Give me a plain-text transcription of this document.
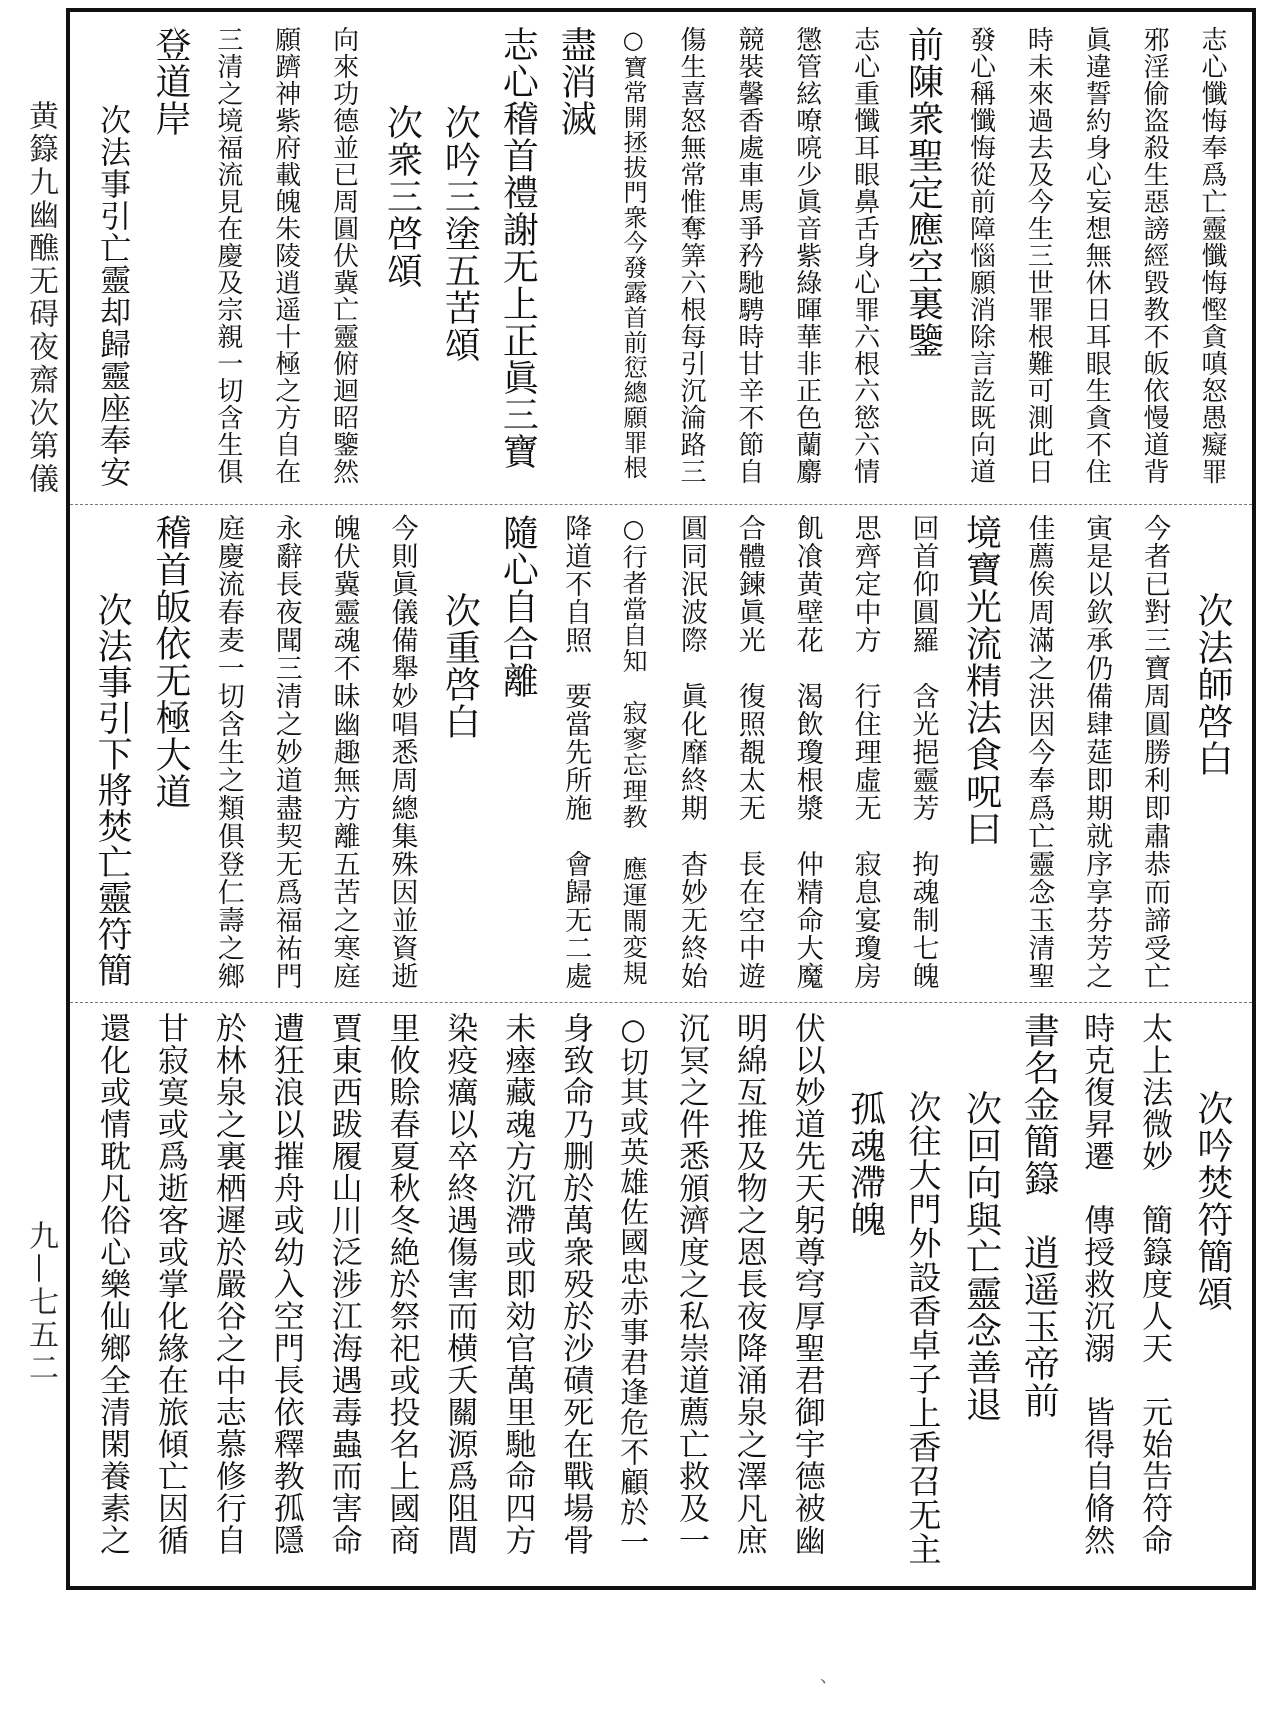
黄籙九幽醮无碍夜齋次第儀
九—七五二
志心懺悔奉爲亡靈懺悔慳貪嗔怒愚癡罪
邪淫偷盗殺生惡謗經毀教不皈依慢道背
眞違誓約身心妄想無休日耳眼生貪不住
時未來過去及今生三世罪根難可測此日
發心稱懺悔從前障惱願消除言訖既向道
前陳衆聖定應空裏鑒
志心重懺耳眼鼻舌身心罪六根六慾六情
懲管絃嘹喨少眞音紫綠暉華非正色蘭麝
競裝馨香處車馬爭矜馳騁時甘辛不節自
傷生喜怒無常惟奪筭六根每引沉淪路三
○寶常開拯拔門衆今發露首前愆總願罪根
盡消滅
志心稽首禮謝无上正眞三寶
次吟三塗五苦頌
次衆三啓頌
向來功德並已周圓伏冀亡靈俯迴昭鑒然
願躋神紫府載魄朱陵逍遥十極之方自在
三清之境福流見在慶及宗親一切含生俱
登道岸
次法事引亡靈却歸靈座奉安
次法師啓白
今者已對三寶周圓勝利即肅恭而諦受亡
寅是以欽承仍備肆莚即期就序享芬芳之
佳薦俟周滿之洪因今奉爲亡靈念玉清聖
境寶光流精法食呪曰
回首仰圓羅　含光挹靈芳　拘魂制七魄
思齊定中方　行住理虛无　寂息宴瓊房
飢飡黄壁花　渴飲瓊根漿　仲精命大魔
合體鍊眞光　復照覩太无　長在空中遊
圓同泯波際　眞化靡終期　杳妙无終始
○行者當自知　寂寥忘理教　應運閙変規
降道不自照　要當先所施　會歸无二處
隨心自合離
次重啓白
今則眞儀備舉妙唱悉周總集殊因並資逝
魄伏冀靈魂不昧幽趣無方離五苦之寒庭
永辭長夜聞三清之妙道盡契无爲福祐門
庭慶流春麦一切含生之類俱登仁壽之鄉
稽首皈依无極大道
次法事引下將焚亡靈符簡
次吟焚符簡頌
太上法微妙　簡籙度人天　元始告符命
時克復昇遷　傳授救沉溺　皆得自脩然
書名金簡籙　逍遥玉帝前
次回向與亡靈念善退
次往大門外設香卓子上香召无主
孤魂滯魄
伏以妙道先天躬尊穹厚聖君御宇德被幽
明綿亙推及物之恩長夜降涌泉之澤凡庶
沉冥之件悉頒濟度之私崇道薦亡救及一
○切其或英雄佐國忠赤事君逢危不顧於一
身致命乃删於萬衆殁於沙磧死在戰場骨
未瘞藏魂方沉滯或即効官萬里馳命四方
染疫癘以卒終遇傷害而横夭關源爲阻閭
里攸賒春夏秋冬絶於祭祀或投名上國商
賈東西跋履山川泛涉江海遇毒蟲而害命
遭狂浪以摧舟或幼入空門長依釋教孤隱
於林泉之裏栖遲於嚴谷之中志慕修行自
甘寂寞或爲逝客或掌化緣在旅傾亡因循
還化或情耽凡俗心樂仙鄉全清閑養素之
、
